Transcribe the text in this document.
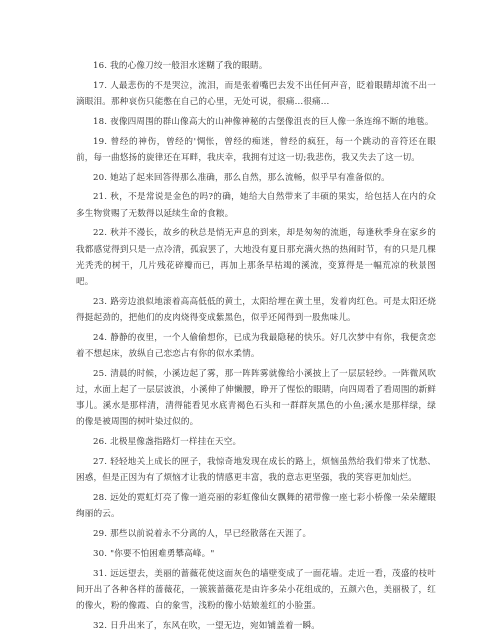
16. 我的心像刀绞一般泪水迷糊了我的眼睛。

17. 人最悲伤的不是哭泣，流泪，而是张着嘴巴去发不出任何声音，眨着眼睛却流不出一滴眼泪。那种哀伤只能憋在自己的心里，无处可说，很痛...很痛...

18. 夜像四周围的群山像高大的山神像神秘的古堡像沮丧的巨人像一条连绵不断的地毯。

19. 曾经的神伤，曾经的'惆怅，曾经的痴迷，曾经的疯狂，每一个跳动的音符还在眼前，每一曲悠扬的旋律还在耳畔，我庆幸，我拥有过这一切;我悲伤，我又失去了这一切。

20. 她站了起来回答得那么准确，那么自然，那么流畅，似乎早有准备似的。

21. 秋，不是常说是金色的吗?的确，她给大自然带来了丰硕的果实，给包括人在内的众多生物赏赐了无数得以延续生命的食粮。

22. 秋并不漫长，故乡的秋总是悄无声息的到来，却是匆匆的流逝，每逢秋季身在家乡的我都感觉得到只是一点冷清，孤寂罢了，大地没有夏日那充满火热的热闹时节，有的只是几棵光秃秃的树干，几片残花碎瓣而已，再加上那条早枯竭的溪流，变算得是一幅荒凉的秋景图吧。

23. 路旁边浪似地滚着高高低低的黄土，太阳给埋在黄土里，发着肉红色。可是太阳还烧得挺起劲的，把他们的皮肉烧得变成紫黑色，似乎还闻得到一股焦味儿。

24. 静静的夜里，一个人偷偷想你，已成为我最隐秘的快乐。好几次梦中有你，我便贪恋着不想起床，放纵自己恋恋占有你的似水柔情。

25. 清晨的时候，小溪边起了雾，那一阵阵雾就像给小溪披上了一层层轻纱。一阵微风吹过，水面上起了一层层波浪，小溪伸了伸懒腰，睁开了惺忪的眼睛，向四周看了看周围的新鲜事儿。溪水是那样清，清得能看见水底青褐色石头和一群群灰黑色的小鱼;溪水是那样绿，绿的像是被周围的树叶染过似的。

26. 北极星像盏指路灯一样挂在天空。

27. 轻轻地关上成长的匣子，我惊奇地发现在成长的路上，烦恼虽然给我们带来了忧愁、困惑，但是正因为有了烦恼才让我的情感更丰富，我的意志更坚强，我的笑容更加灿烂。

28. 远处的霓虹灯亮了像一道亮丽的彩虹像仙女飘舞的裙带像一座七彩小桥像一朵朵耀眼绚丽的云。

29. 那些以前说着永不分离的人，早已经散落在天涯了。

30. "你要不怕困难勇攀高峰。"

31. 远远望去，美丽的蔷薇花使这面灰色的墙壁变成了一面花墙。走近一看，茂盛的枝叶间开出了各种各样的蔷薇花，一簇簇蔷薇花是由许多朵小花组成的，五颜六色，美丽极了，红的像火，粉的像霞、白的象雪，浅粉的像小姑娘羞红的小脸蛋。

32. 日升出来了，东风在吹，一望无边，宛如铺盖着一瞬。
